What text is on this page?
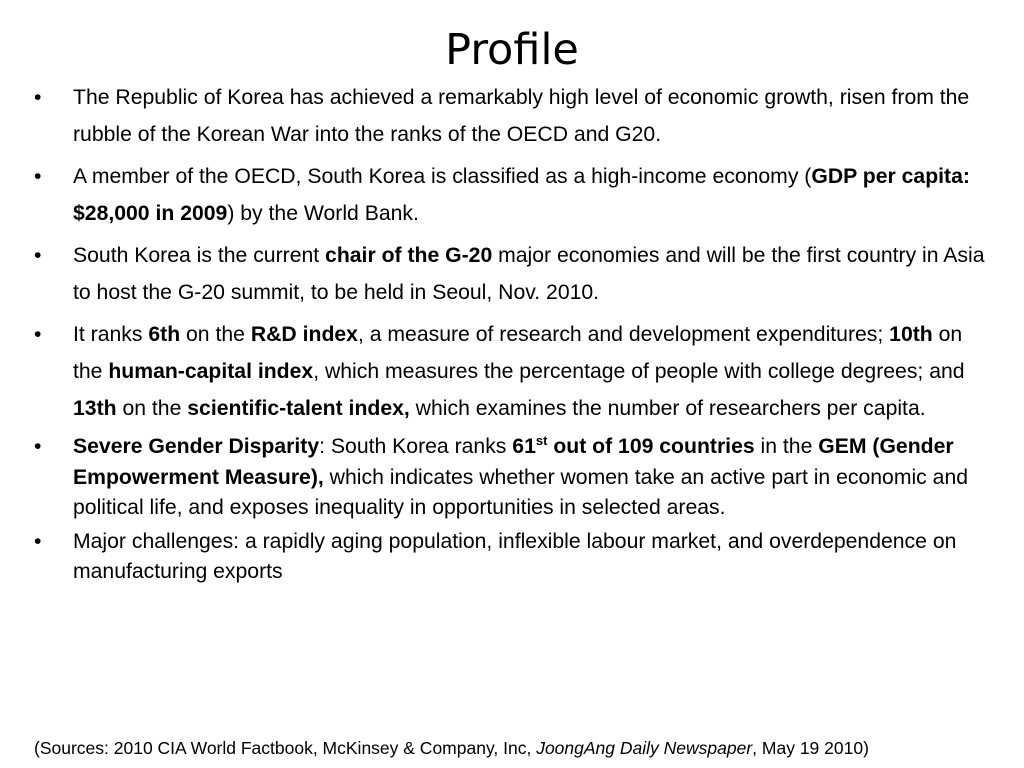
Profile
• The Republic of Korea has achieved a remarkably high level of economic growth, risen from the rubble of the Korean War into the ranks of the OECD and G20.
• A member of the OECD, South Korea is classified as a high-income economy (GDP per capita: $28,000 in 2009) by the World Bank.
• South Korea is the current chair of the G-20 major economies and will be the first country in Asia to host the G-20 summit, to be held in Seoul, Nov. 2010.
• It ranks 6th on the R&D index, a measure of research and development expenditures; 10th on the human-capital index, which measures the percentage of people with college degrees; and 13th on the scientific-talent index, which examines the number of researchers per capita.
• Severe Gender Disparity: South Korea ranks 61st out of 109 countries in the GEM (Gender Empowerment Measure), which indicates whether women take an active part in economic and political life, and exposes inequality in opportunities in selected areas.
• Major challenges: a rapidly aging population, inflexible labour market, and overdependence on manufacturing exports
(Sources: 2010 CIA World Factbook, McKinsey & Company, Inc, JoongAng Daily Newspaper, May 19 2010)
